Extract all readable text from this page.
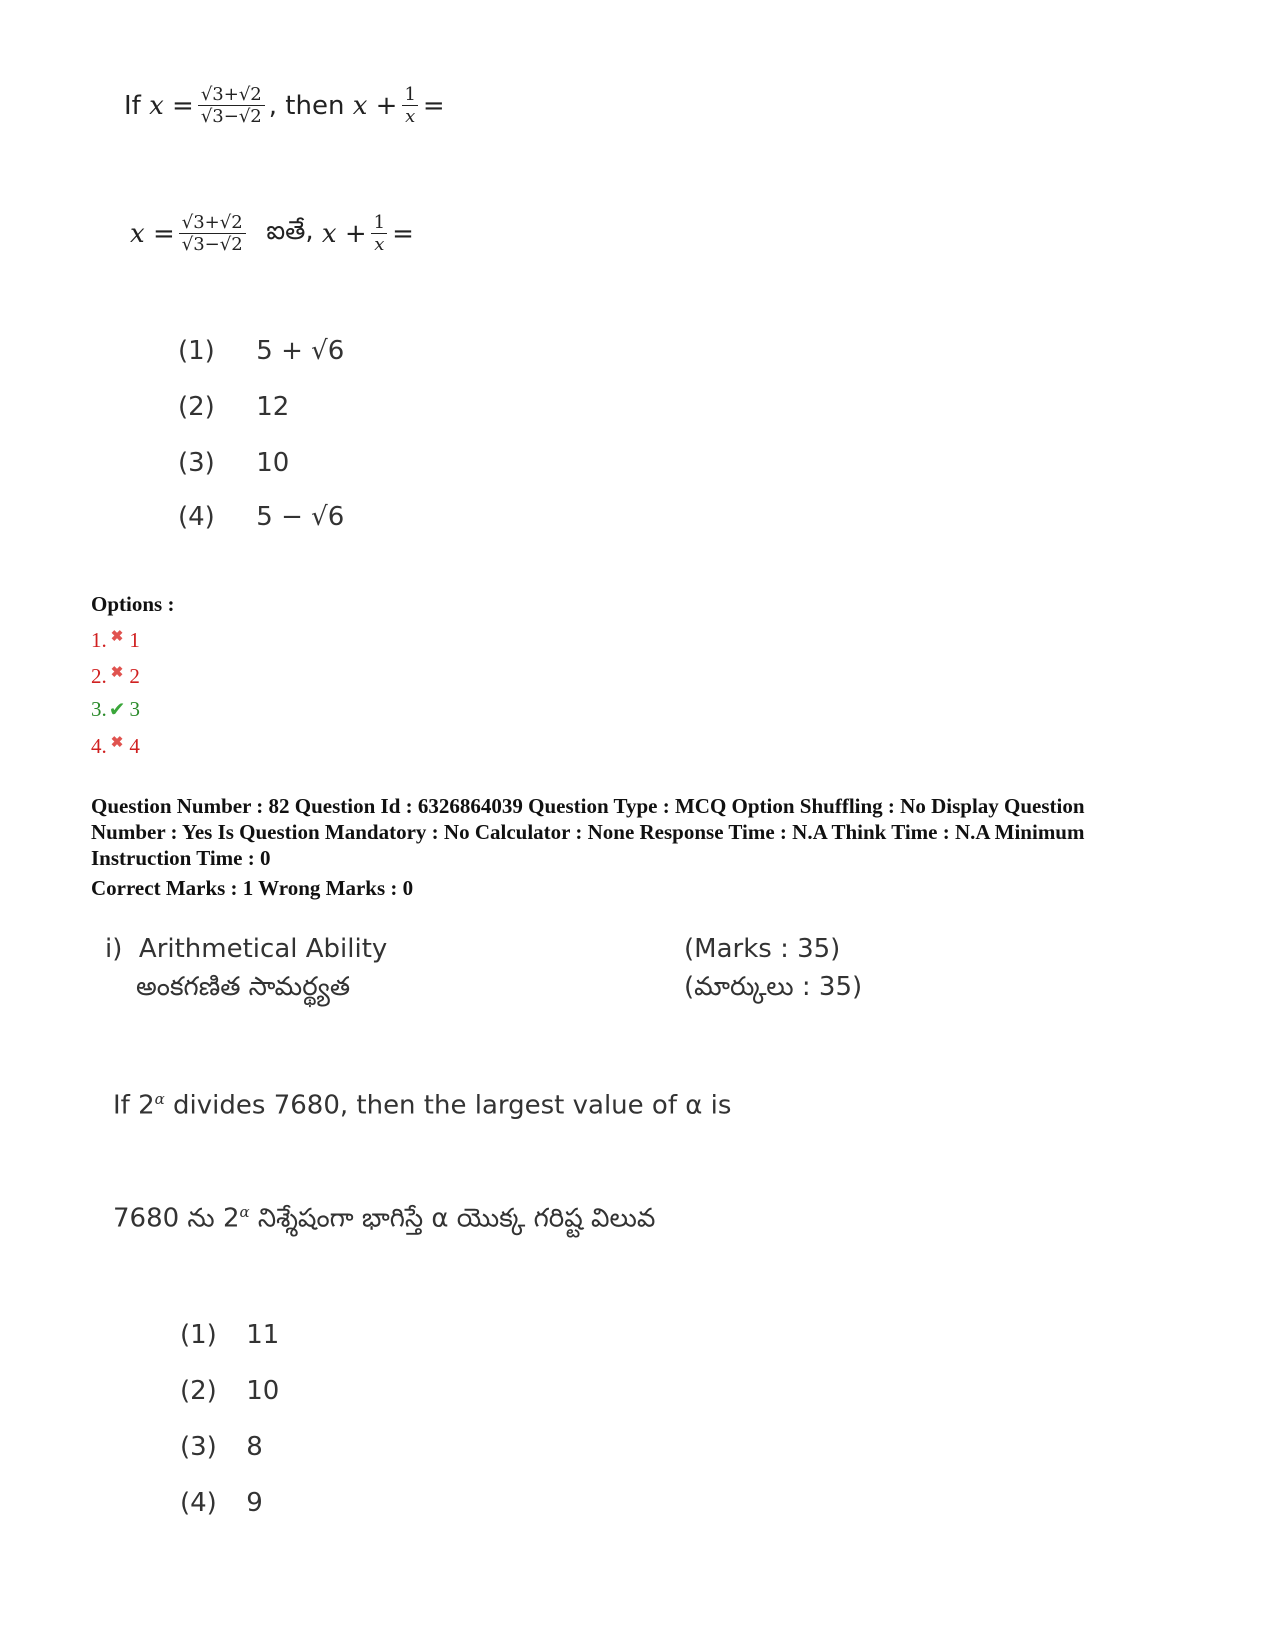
If
x
= $\frac{√3+√2}{√3-√2}$ , then
x
+ $\frac{1}{x}$ =
x
= $\frac{√3+√2}{√3-√2}$
ఐతే,
x
+ $\frac{1}{x}$ =
(1) 5 + √6
(2) 12
(3) 10
(4) 5 − √6
Options :
1. ✖ 1
2. ✖ 2
3. ✔ 3
4. ✖ 4
Question Number : 82 Question Id : 6326864039 Question Type : MCQ Option Shuffling : No Display Question
Number : Yes Is Question Mandatory : No Calculator : None Response Time : N.A Think Time : N.A Minimum
Instruction Time : 0
Correct Marks : 1 Wrong Marks : 0
i) Arithmetical Ability
అంకగణిత సామర్థ్యత
(Marks : 35)
(మార్కులు : 35)
If $2^\alpha$ divides 7680, then the largest value of α is
7680 ను $2^\alpha$ నిశ్శేషంగా భాగిస్తే α యొక్క గరిష్ట విలువ
(1) 11
(2) 10
(3) 8
(4) 9
